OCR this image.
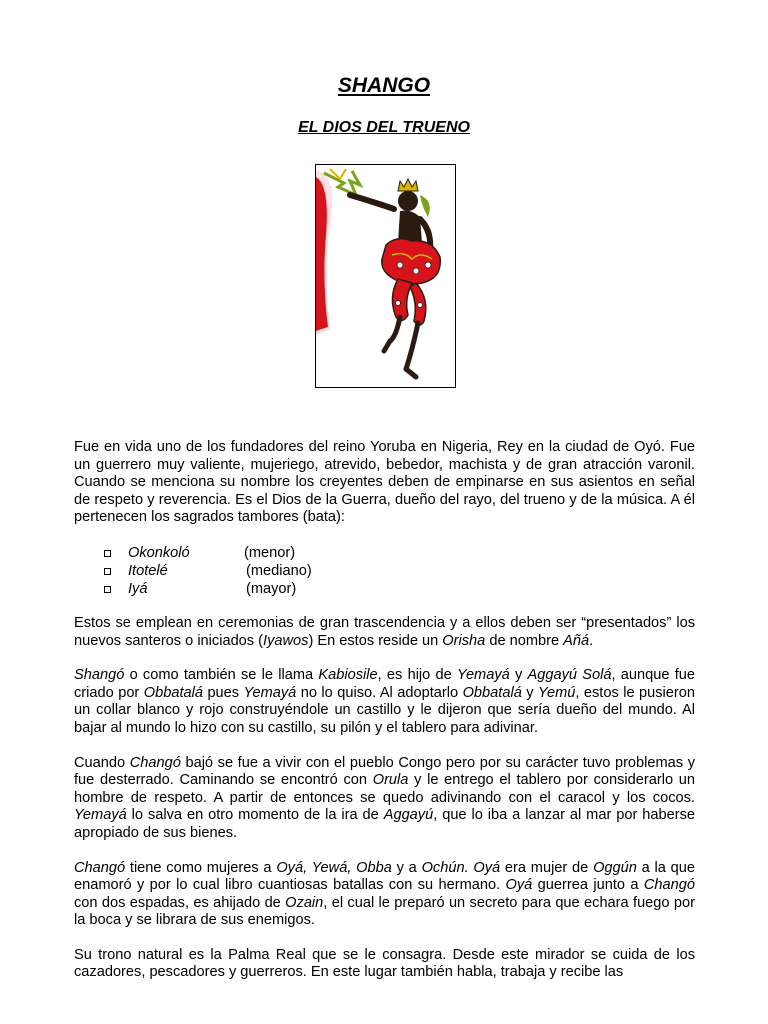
SHANGO
EL DIOS DEL TRUENO

Fue en vida uno de los fundadores del reino Yoruba en Nigeria, Rey en la ciudad de Oyó. Fue un guerrero muy valiente, mujeriego, atrevido, bebedor, machista y de gran atracción varonil. Cuando se menciona su nombre los creyentes deben de empinarse en sus asientos en señal de respeto y reverencia. Es el Dios de la Guerra, dueño del rayo, del trueno y de la música. A él pertenecen los sagrados tambores (bata):

Okonkoló	(menor)
Itotelé	(mediano)
Iyá	(mayor)

Estos se emplean en ceremonias de gran trascendencia y a ellos deben ser “presentados” los nuevos santeros o iniciados (Iyawos) En estos reside un Orisha de nombre Añá.

Shangó o como también se le llama Kabiosile, es hijo de Yemayá y Aggayú Solá, aunque fue criado por Obbatalá pues Yemayá no lo quiso. Al adoptarlo Obbatalá y Yemú, estos le pusieron un collar blanco y rojo construyéndole un castillo y le dijeron que sería dueño del mundo. Al bajar al mundo lo hizo con su castillo, su pilón y el tablero para adivinar.

Cuando Changó bajó se fue a vivir con el pueblo Congo pero por su carácter tuvo problemas y fue desterrado. Caminando se encontró con Orula y le entrego el tablero por considerarlo un hombre de respeto. A partir de entonces se quedo adivinando con el caracol y los cocos. Yemayá lo salva en otro momento de la ira de Aggayú, que lo iba a lanzar al mar por haberse apropiado de sus bienes.

Changó tiene como mujeres a Oyá, Yewá, Obba y a Ochún. Oyá era mujer de Oggún a la que enamoró y por lo cual libro cuantiosas batallas con su hermano. Oyá guerrea junto a Changó con dos espadas, es ahijado de Ozain, el cual le preparó un secreto para que echara fuego por la boca y se librara de sus enemigos.

Su trono natural es la Palma Real que se le consagra. Desde este mirador se cuida de los cazadores, pescadores y guerreros. En este lugar también habla, trabaja y recibe las
